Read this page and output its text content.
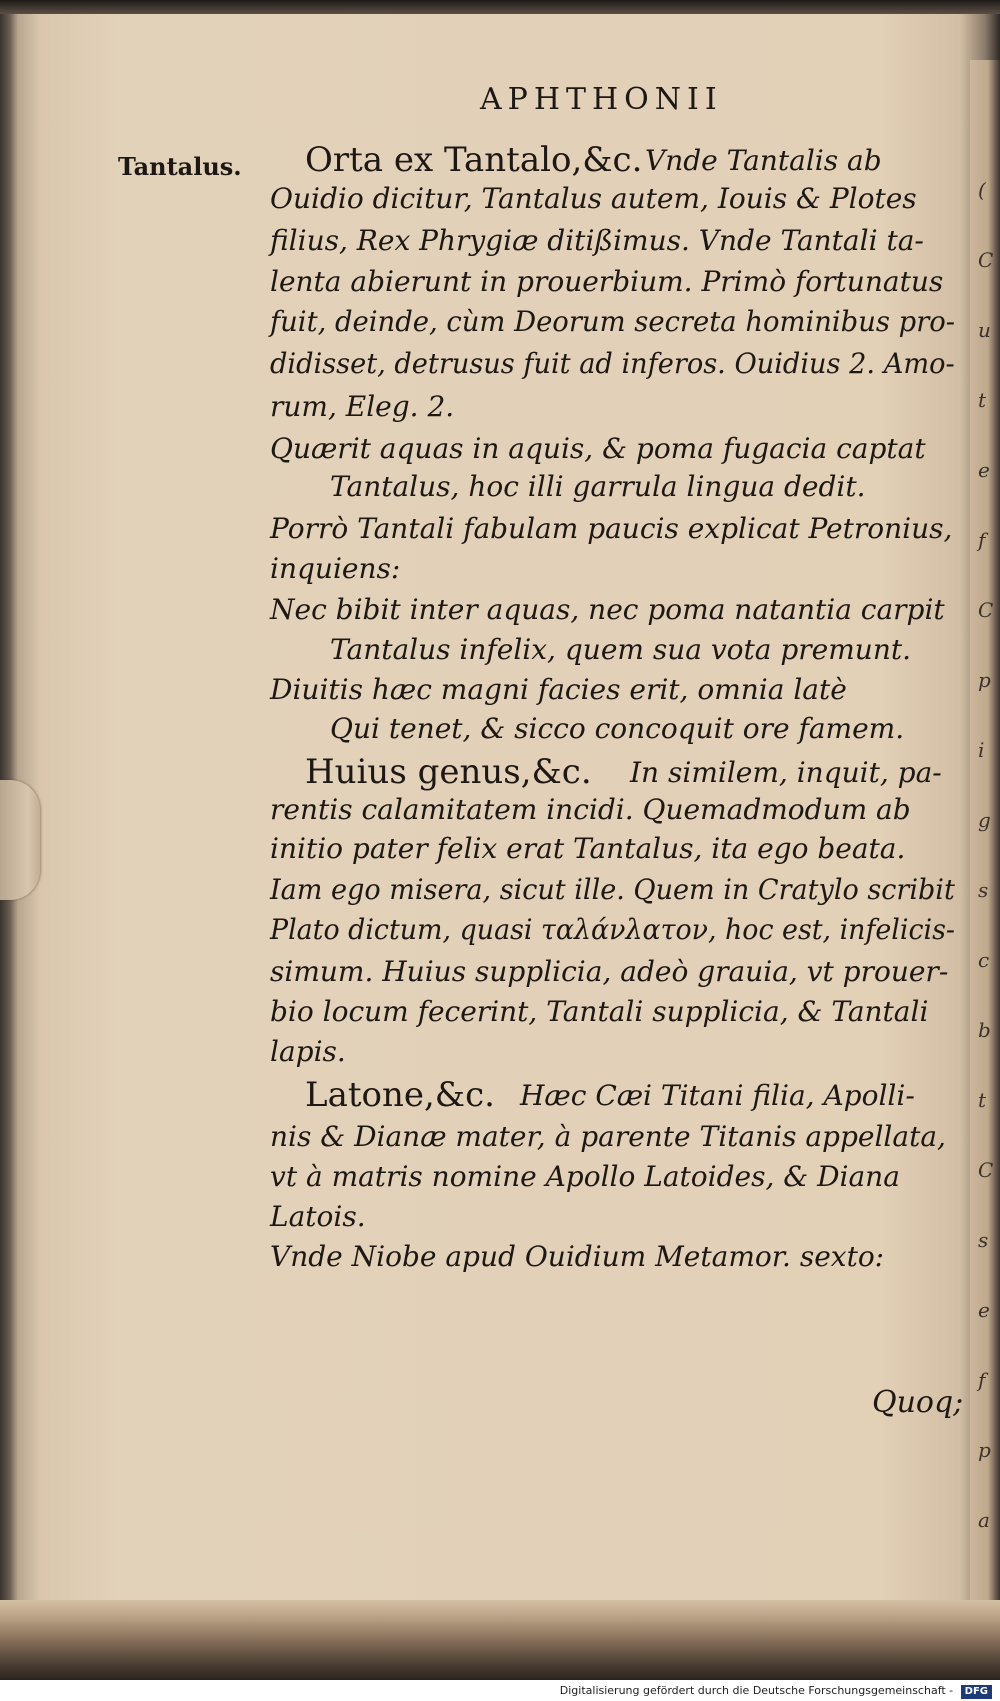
APHTHONII
Tantalus. Orta ex Tantalo,&c. Vnde Tantalis ab
Ouidio dicitur, Tantalus autem, Iouis & Plotes
filius, Rex Phrygiæ ditißimus. Vnde Tantali ta-
lenta abierunt in prouerbium. Primò fortunatus
fuit, deinde, cùm Deorum secreta hominibus pro-
didisset, detrusus fuit ad inferos. Ouidius 2. Amo-
rum, Eleg. 2.
Quærit aquas in aquis, & poma fugacia captat
Tantalus, hoc illi garrula lingua dedit.
Porrò Tantali fabulam paucis explicat Petronius,
inquiens:
Nec bibit inter aquas, nec poma natantia carpit
Tantalus infelix, quem sua vota premunt.
Diuitis hæc magni facies erit, omnia latè
Qui tenet, & sicco concoquit ore famem.
Huius genus,&c. In similem, inquit, pa-
rentis calamitatem incidi. Quemadmodum ab
initio pater felix erat Tantalus, ita ego beata.
Iam ego misera, sicut ille. Quem in Cratylo scribit
Plato dictum, quasi ταλάνλατον, hoc est, infelicis-
simum. Huius supplicia, adeò grauia, vt prouer-
bio locum fecerint, Tantali supplicia, & Tantali
lapis.
Latone,&c. Hæc Cæi Titani filia, Apolli-
nis & Dianæ mater, à parente Titanis appellata,
vt à matris nomine Apollo Latoides, & Diana
Latois.
Vnde Niobe apud Ouidium Metamor. sexto:
Quoq;
(
C
u
t
e
f
C
p
i
g
s
c
b
t
C
s
e
f
p
a
Digitalisierung gefördert durch die Deutsche Forschungsgemeinschaft - DFG
